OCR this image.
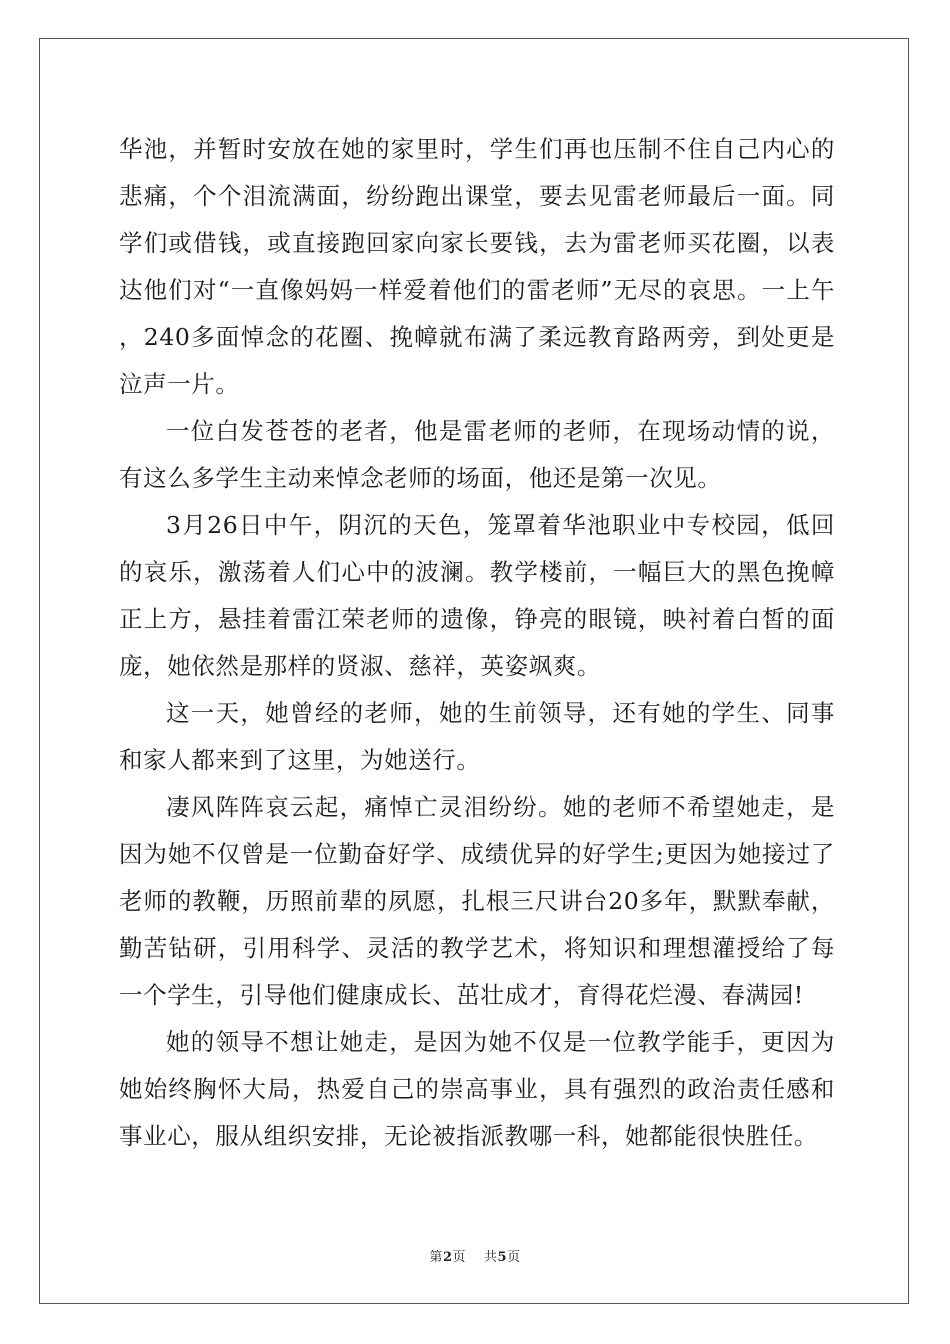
华池，并暂时安放在她的家里时，学生们再也压制不住自己内心的悲痛，个个泪流满面，纷纷跑出课堂，要去见雷老师最后一面。同学们或借钱，或直接跑回家向家长要钱，去为雷老师买花圈，以表达他们对“一直像妈妈一样爱着他们的雷老师”无尽的哀思。一上午，240多面悼念的花圈、挽幛就布满了柔远教育路两旁，到处更是泣声一片。

一位白发苍苍的老者，他是雷老师的老师，在现场动情的说，有这么多学生主动来悼念老师的场面，他还是第一次见。

3月26日中午，阴沉的天色，笼罩着华池职业中专校园，低回的哀乐，激荡着人们心中的波澜。教学楼前，一幅巨大的黑色挽幛正上方，悬挂着雷江荣老师的遗像，铮亮的眼镜，映衬着白皙的面庞，她依然是那样的贤淑、慈祥，英姿飒爽。

这一天，她曾经的老师，她的生前领导，还有她的学生、同事和家人都来到了这里，为她送行。

凄风阵阵哀云起，痛悼亡灵泪纷纷。她的老师不希望她走，是因为她不仅曾是一位勤奋好学、成绩优异的好学生;更因为她接过了老师的教鞭，历照前辈的夙愿，扎根三尺讲台20多年，默默奉献，勤苦钻研，引用科学、灵活的教学艺术，将知识和理想灌授给了每一个学生，引导他们健康成长、茁壮成才，育得花烂漫、春满园!

她的领导不想让她走，是因为她不仅是一位教学能手，更因为她始终胸怀大局，热爱自己的崇高事业，具有强烈的政治责任感和事业心，服从组织安排，无论被指派教哪一科，她都能很快胜任。

第2页 共5页
